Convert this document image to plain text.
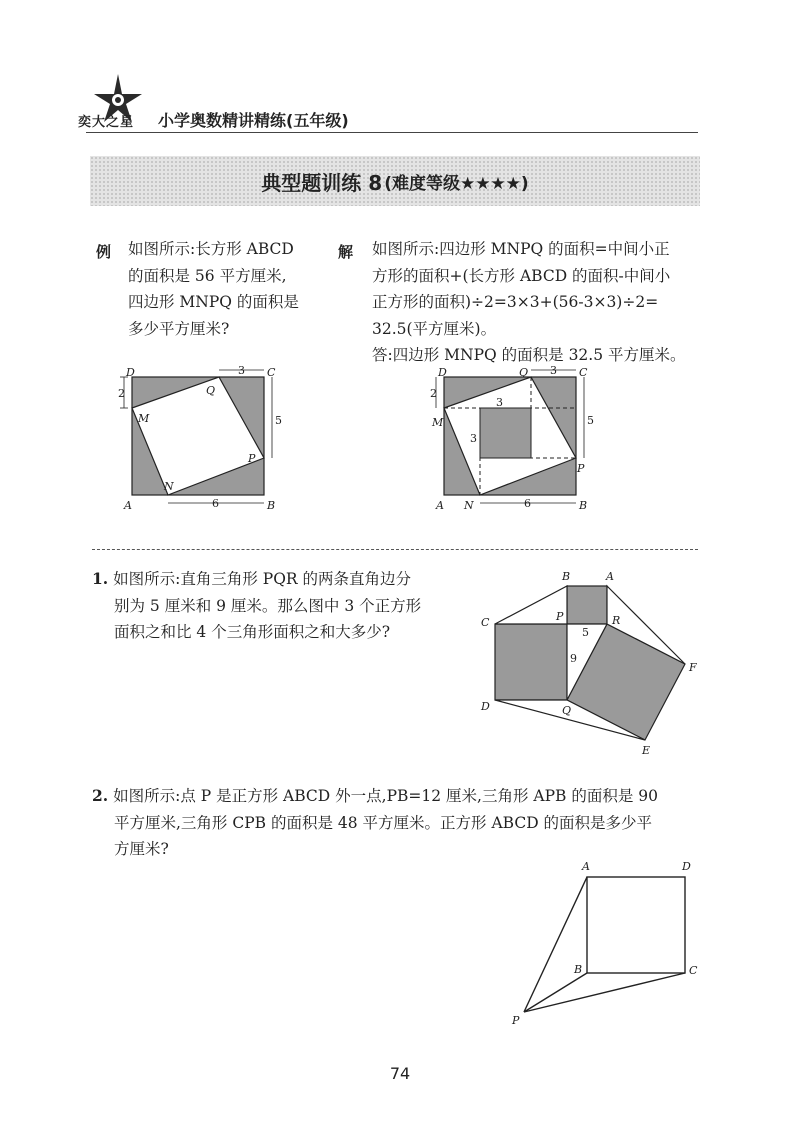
奕大之星 小学奥数精讲精练(五年级)
典型题训练 8 (难度等级★★★★)
例 如图所示:长方形 ABCD
的面积是 56 平方厘米,
四边形 MNPQ 的面积是
多少平方厘米?
解 如图所示:四边形 MNPQ 的面积=中间小正
方形的面积+(长方形 ABCD 的面积-中间小
正方形的面积)÷2=3×3+(56-3×3)÷2=
32.5(平方厘米)。
答:四边形 MNPQ 的面积是 32.5 平方厘米。
D	C
A	B
M
N
P
Q
2
3
5
6
D	C
A	B
M
N
P
Q
2
3
5
6
3
3
1. 如图所示:直角三角形 PQR 的两条直角边分
别为 5 厘米和 9 厘米。那么图中 3 个正方形
面积之和比 4 个三角形面积之和大多少?
B	A
C
D
E
F
P
Q
R
5
9
2. 如图所示:点 P 是正方形 ABCD 外一点,PB=12 厘米,三角形 APB 的面积是 90
平方厘米,三角形 CPB 的面积是 48 平方厘米。正方形 ABCD 的面积是多少平
方厘米?
A	D
B	C
P
74
